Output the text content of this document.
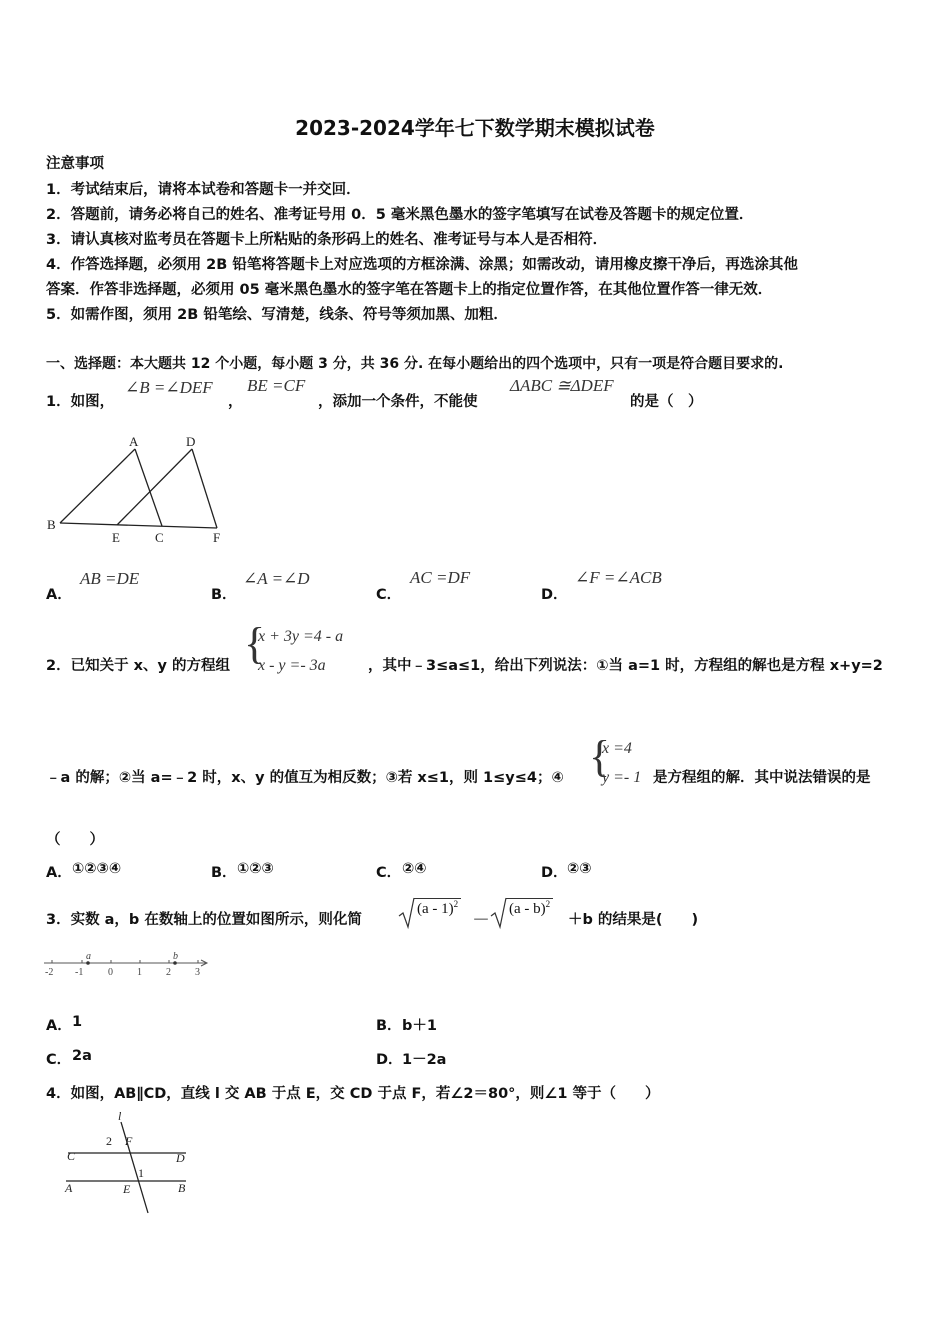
2023-2024学年七下数学期末模拟试卷
注意事项
1．考试结束后，请将本试卷和答题卡一并交回．
2．答题前，请务必将自己的姓名、准考证号用 0．5 毫米黑色墨水的签字笔填写在试卷及答题卡的规定位置．
3．请认真核对监考员在答题卡上所粘贴的条形码上的姓名、准考证号与本人是否相符．
4．作答选择题，必须用 2B 铅笔将答题卡上对应选项的方框涂满、涂黑；如需改动，请用橡皮擦干净后，再选涂其他
答案．作答非选择题，必须用 05 毫米黑色墨水的签字笔在答题卡上的指定位置作答，在其他位置作答一律无效．
5．如需作图，须用 2B 铅笔绘、写清楚，线条、符号等须加黑、加粗．
一、选择题：本大题共 12 个小题，每小题 3 分，共 36 分. 在每小题给出的四个选项中，只有一项是符合题目要求的.
1．如图，
∠B =∠DEF
，
BE =CF
，添加一个条件，不能使
ΔABC ≅ΔDEF
的是（　）
A	D
B
E	C	F
A．
AB =DE
B．
∠A =∠D
C．
AC =DF
D．
∠F =∠ACB
2．已知关于 x、y 的方程组 {
x + 3y =4 - a
x - y =- 3a	，其中﹣3≤a≤1，给出下列说法：①当 a=1 时，方程组的解也是方程 x+y=2
﹣a 的解；②当 a=﹣2 时，x、y 的值互为相反数；③若 x≤1，则 1≤y≤4；④ {
x =4
y =- 1 是方程组的解．其中说法错误的是
（　　）
A． ①②③④	B． ①②③	C． ②④	D． ②③
3．实数 a，b 在数轴上的位置如图所示，则化简
(a - 1)$^2$
－
(a - b)$^2$
＋b 的结果是(　　)
a	b
-2 -1 0 1 2 3
A． 1	B． b＋1
C． 2a	D． 1－2a
4．如图，AB∥CD，直线 l 交 AB 于点 E，交 CD 于点 F，若∠2＝80°，则∠1 等于（　　）
l
2 F
C	D
1
A	E	B
